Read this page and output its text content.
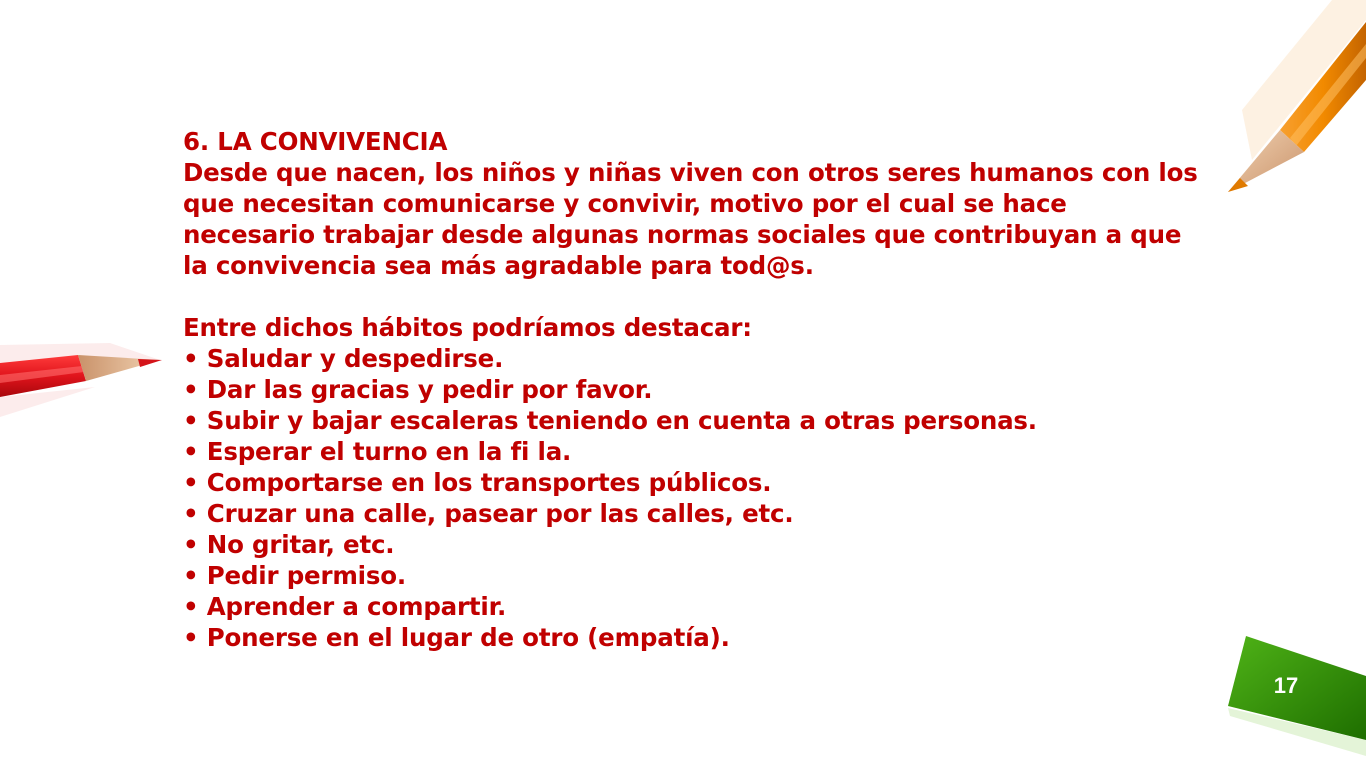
17

6. LA CONVIVENCIA

Desde que nacen, los niños y niñas viven con otros seres humanos con los

que necesitan comunicarse y convivir, motivo por el cual se hace

necesario trabajar desde algunas normas sociales que contribuyan a que

la convivencia sea más agradable para tod@s.

Entre dichos hábitos podríamos destacar:

• Saludar y despedirse.
• Dar las gracias y pedir por favor.
• Subir y bajar escaleras teniendo en cuenta a otras personas.
• Esperar el turno en la fi la.
• Comportarse en los transportes públicos.
• Cruzar una calle, pasear por las calles, etc.
• No gritar, etc.
• Pedir permiso.
• Aprender a compartir.
• Ponerse en el lugar de otro (empatía).
